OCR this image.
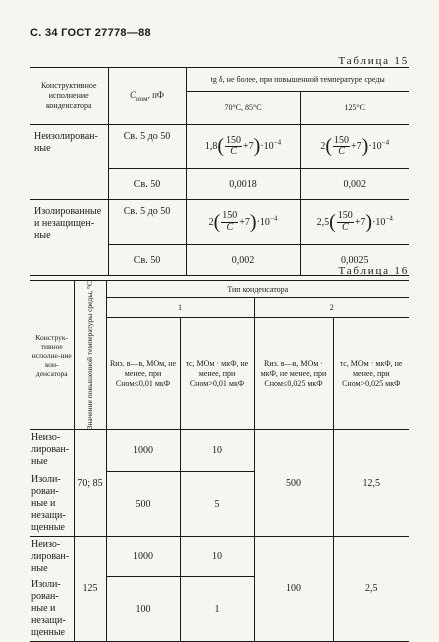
С. 34 ГОСТ 27778—88
Таблица 15
Конструктивное исполнение конденсатора	$C_{ном}$, пФ	tg δ, не более, при повышенной температуре среды	
		70°С, 85°С	125°С
Неизолирован-ные	Св. 5 до 50	$1,8( \frac{150}{C} +7)\cdot 10^{-4}$	$2( \frac{150}{C} +7)\cdot 10^{-4}$
	Св. 50	0,0018	0,002
Изолированные и незащищен-ные	Св. 5 до 50	$2( \frac{150}{C} +7)\cdot 10^{-4}$	$2,5( \frac{150}{C} +7)\cdot 10^{-4}$
	Св. 50	0,002	0,0025
Таблица 16
Конструк-тивное исполне-ние кон-денсатора	Значение повышенной температуры среды, °С	Тип конденсатора			
		1		2	
		Rиз. в—в, МОм, не менее, при Cном≤0,01 мкФ	τс, МОм · мкФ, не менее, при Cном>0,01 мкФ	Rиз. в—в, МОм · мкФ, не менее, при Cном≤0,025 мкФ	τс, МОм · мкФ, не менее, при Cном>0,025 мкФ
Неизо-лирован-ные	70; 85	1000	10	500	12,5
Изоли-рован-ные и незащи-щенные		500	5		
Неизо-лирован-ные	125	1000	10	100	2,5
Изоли-рован-ные и незащи-щенные		100	1		
